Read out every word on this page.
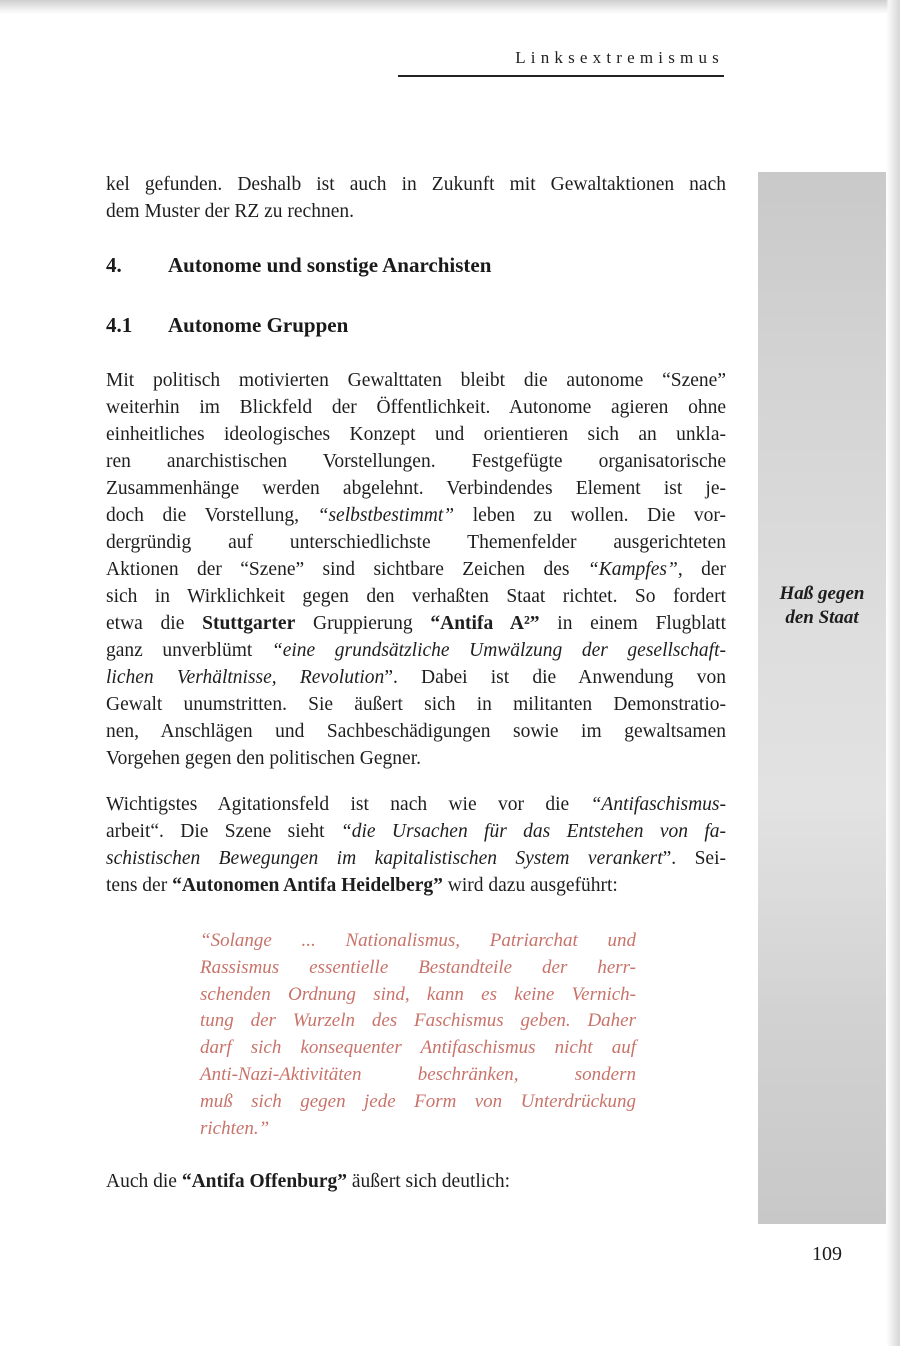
Linksextremismus
Haß gegen
den Staat
kel gefunden. Deshalb ist auch in Zukunft mit Gewaltaktionen nach
dem Muster der RZ zu rechnen.
4. Autonome und sonstige Anarchisten
4.1 Autonome Gruppen
Mit politisch motivierten Gewalttaten bleibt die autonome “Szene”
weiterhin im Blickfeld der Öffentlichkeit. Autonome agieren ohne
einheitliches ideologisches Konzept und orientieren sich an unkla-
ren anarchistischen Vorstellungen. Festgefügte organisatorische
Zusammenhänge werden abgelehnt. Verbindendes Element ist je-
doch die Vorstellung, “selbstbestimmt” leben zu wollen. Die vor-
dergründig auf unterschiedlichste Themenfelder ausgerichteten
Aktionen der “Szene” sind sichtbare Zeichen des “Kampfes”, der
sich in Wirklichkeit gegen den verhaßten Staat richtet. So fordert
etwa die Stuttgarter Gruppierung “Antifa A²” in einem Flugblatt
ganz unverblümt “eine grundsätzliche Umwälzung der gesellschaft-
lichen Verhältnisse, Revolution”. Dabei ist die Anwendung von
Gewalt unumstritten. Sie äußert sich in militanten Demonstratio-
nen, Anschlägen und Sachbeschädigungen sowie im gewaltsamen
Vorgehen gegen den politischen Gegner.
Wichtigstes Agitationsfeld ist nach wie vor die “Antifaschismus-
arbeit“. Die Szene sieht “die Ursachen für das Entstehen von fa-
schistischen Bewegungen im kapitalistischen System verankert”. Sei-
tens der “Autonomen Antifa Heidelberg” wird dazu ausgeführt:
“Solange ... Nationalismus, Patriarchat und
Rassismus essentielle Bestandteile der herr-
schenden Ordnung sind, kann es keine Vernich-
tung der Wurzeln des Faschismus geben. Daher
darf sich konsequenter Antifaschismus nicht auf
Anti-Nazi-Aktivitäten beschränken, sondern
muß sich gegen jede Form von Unterdrückung
richten.”
Auch die “Antifa Offenburg” äußert sich deutlich:
109
